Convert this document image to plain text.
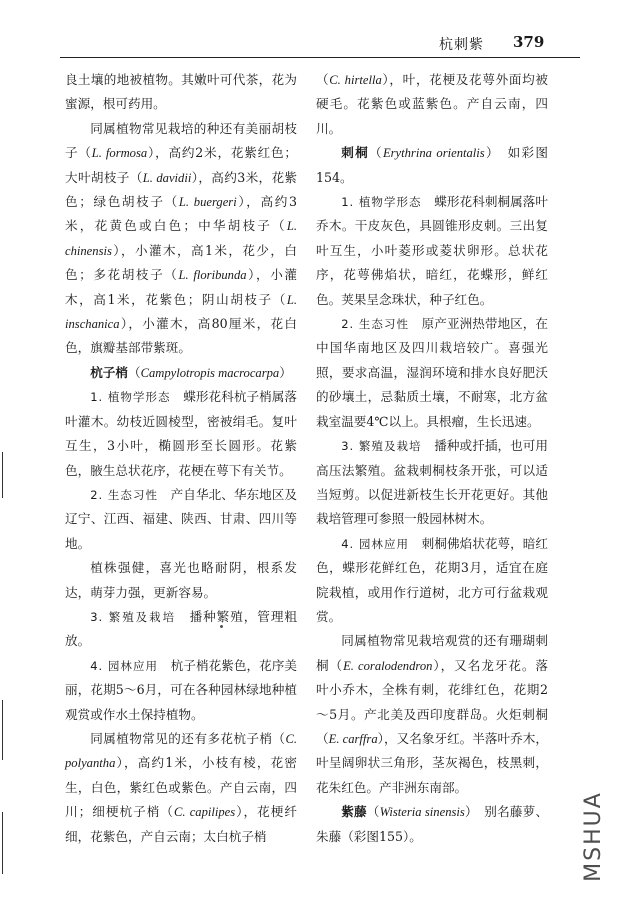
杭刺紫 379

良土壤的地被植物。其嫩叶可代茶，花为蜜源，根可药用。

同属植物常见栽培的种还有美丽胡枝子（L. formosa），高约2米，花紫红色；大叶胡枝子（L. davidii），高约3米，花紫色；绿色胡枝子（L. buergeri），高约3米，花黄色或白色；中华胡枝子（L. chinensis），小灌木，高1米，花少，白色；多花胡枝子（L. floribunda），小灌木，高1米，花紫色；阴山胡枝子（L. inschanica），小灌木，高80厘米，花白色，旗瓣基部带紫斑。

杭子梢（Campylotropis macrocarpa）

1. 植物学形态　 蝶形花科杭子梢属落叶灌木。幼枝近圆棱型，密被绢毛。复叶互生，3小叶，椭圆形至长圆形。花紫色，腋生总状花序，花梗在萼下有关节。

2. 生态习性　 产自华北、华东地区及辽宁、江西、福建、陕西、甘肃、四川等地。

植株强健，喜光也略耐阴，根系发达，萌芽力强，更新容易。

3. 繁殖及栽培　 播种繁殖，管理粗放。

4. 园林应用　 杭子梢花紫色，花序美丽，花期5～6月，可在各种园林绿地种植观赏或作水土保持植物。

同属植物常见的还有多花杭子梢（C. polyantha），高约1米，小枝有棱，花密生，白色，紫红色或紫色。产自云南，四川；细梗杭子梢（C. capilipes），花梗纤细，花紫色，产自云南；太白杭子梢

（C. hirtella），叶，花梗及花萼外面均被硬毛。花紫色或蓝紫色。产自云南，四川。

刺桐（Erythrina orientalis）　如彩图154。

1. 植物学形态　 蝶形花科刺桐属落叶乔木。干皮灰色，具圆锥形皮刺。三出复叶互生，小叶菱形或菱状卵形。总状花序，花萼佛焰状，暗红，花蝶形，鲜红色。荚果呈念珠状，种子红色。

2. 生态习性　 原产亚洲热带地区，在中国华南地区及四川栽培较广。喜强光照，要求高温，湿润环境和排水良好肥沃的砂壤土，忌黏质土壤，不耐寒，北方盆栽室温要4℃以上。具根瘤，生长迅速。

3. 繁殖及栽培　 播种或扦插，也可用高压法繁殖。盆栽刺桐枝条开张，可以适当短剪。以促进新枝生长开花更好。其他栽培管理可参照一般园林树木。

4. 园林应用　 刺桐佛焰状花萼，暗红色，蝶形花鲜红色，花期3月，适宜在庭院栽植，或用作行道树，北方可行盆栽观赏。

同属植物常见栽培观赏的还有珊瑚刺桐（E. coralodendron），又名龙牙花。落叶小乔木，全株有刺，花绯红色，花期2～5月。产北美及西印度群岛。火炬刺桐（E. carffra），又名象牙红。半落叶乔木，叶呈阔卵状三角形，茎灰褐色，枝黑刺，花朱红色。产非洲东南部。

紫藤（Wisteria sinensis）　 别名藤萝、朱藤（彩图155）。	MSHUA
